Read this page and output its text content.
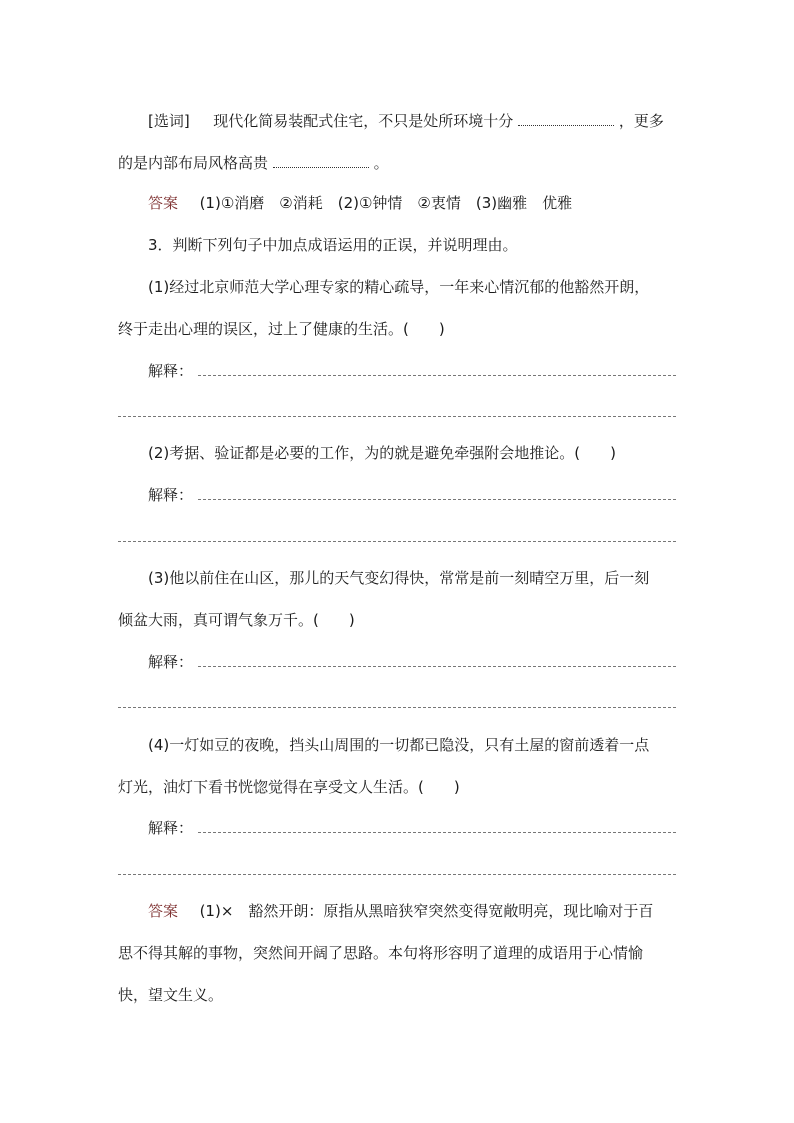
[选词] 现代化简易装配式住宅，不只是处所环境十分	，更多
的是内部布局风格高贵	。
答案 (1)①消磨　②消耗　(2)①钟情　②衷情　(3)幽雅　优雅
3．判断下列句子中加点成语运用的正误，并说明理由。
(1)经过北京师范大学心理专家的精心疏导，一年来心情沉郁的他豁然开朗，
终于走出心理的误区，过上了健康的生活。(　　)
解释：
(2)考据、验证都是必要的工作，为的就是避免牵强附会地推论。(　　)
解释：
(3)他以前住在山区，那儿的天气变幻得快，常常是前一刻晴空万里，后一刻
倾盆大雨，真可谓气象万千。(　　)
解释：
(4)一灯如豆的夜晚，挡头山周围的一切都已隐没，只有土屋的窗前透着一点
灯光，油灯下看书恍惚觉得在享受文人生活。(　　)
解释：
答案 (1)×　豁然开朗：原指从黑暗狭窄突然变得宽敞明亮，现比喻对于百
思不得其解的事物，突然间开阔了思路。本句将形容明了道理的成语用于心情愉
快，望文生义。
